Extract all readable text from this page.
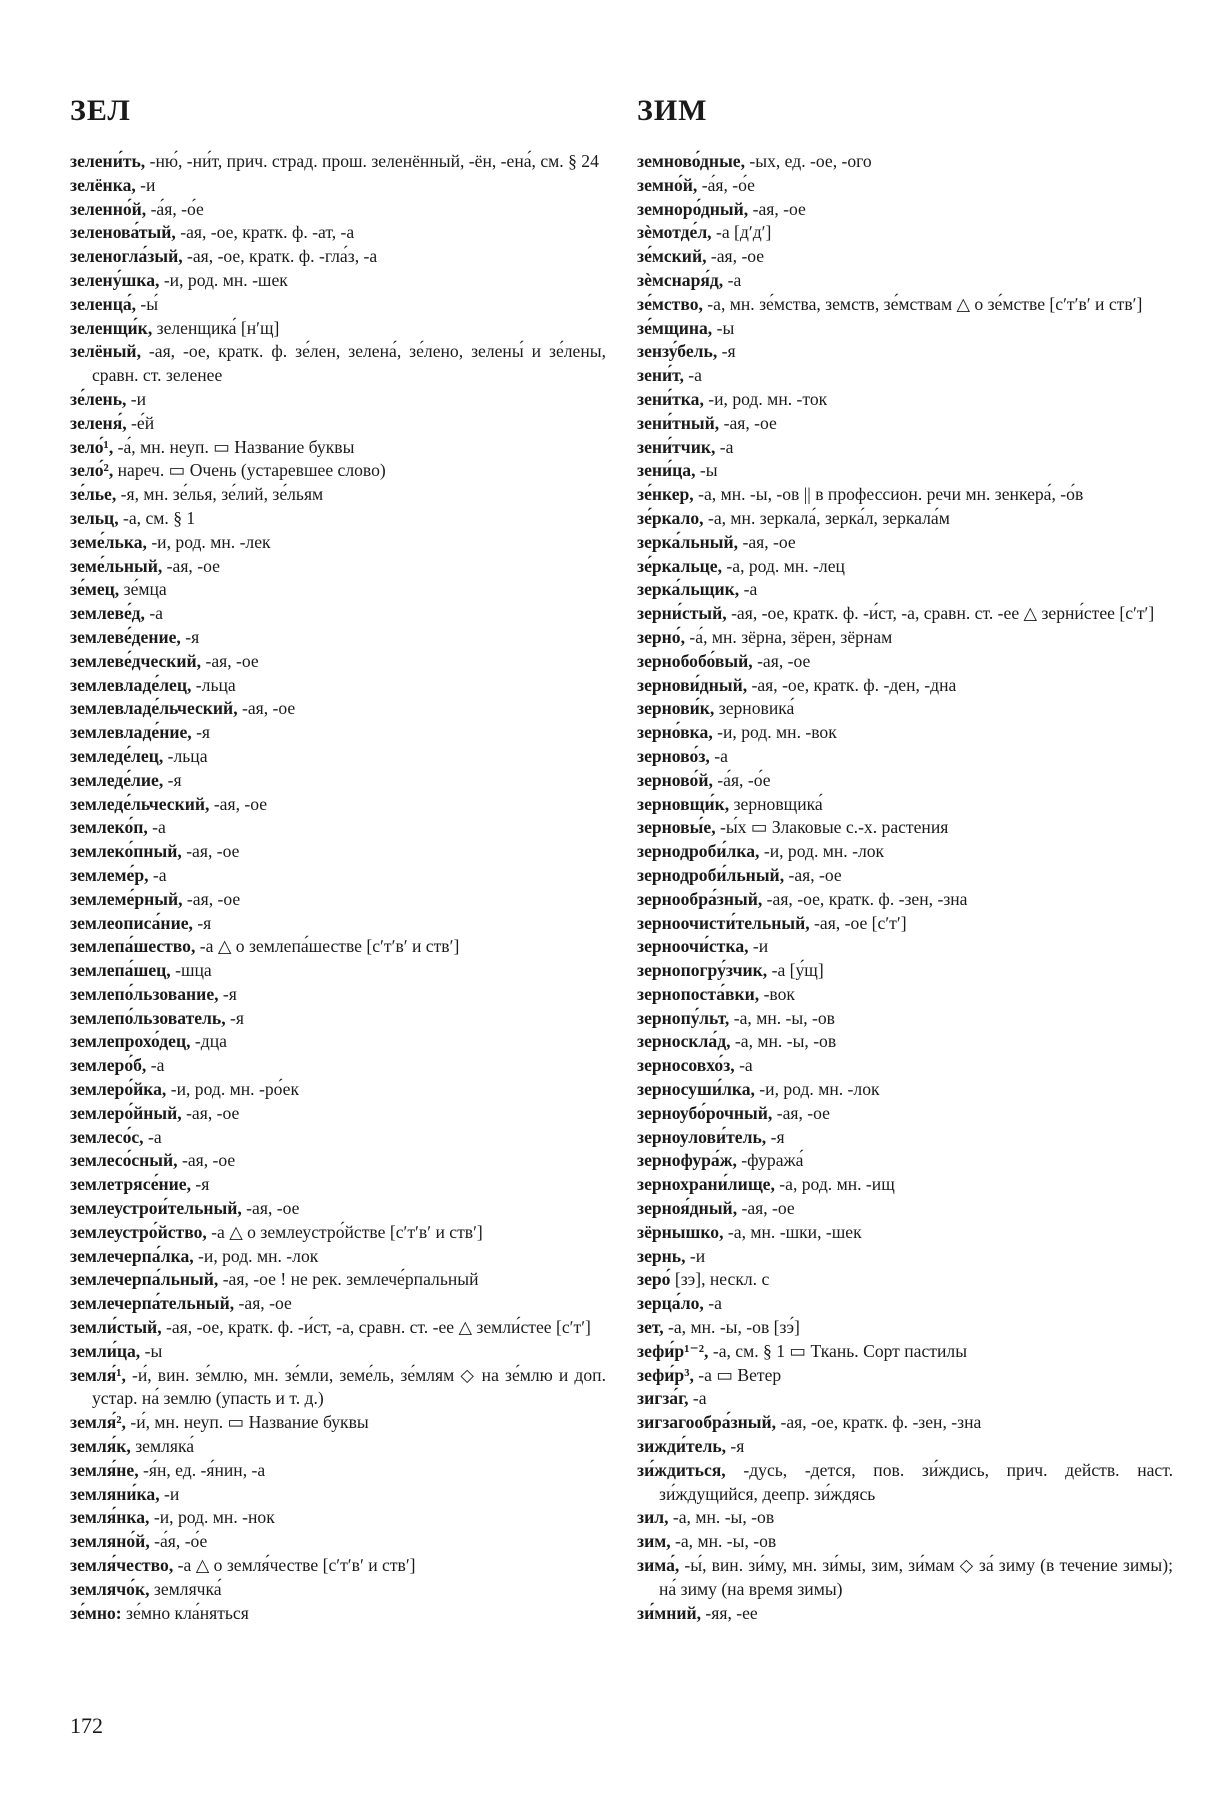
ЗЕЛ	ЗИМ

зелени́ть, -ню́, -ни́т, прич. страд. прош. зеленённый, -ён, -ена́, см. § 24

зелёнка, -и

зеленно́й, -а́я, -о́е

зеленова́тый, -ая, -ое, кратк. ф. -ат, -а

зеленогла́зый, -ая, -ое, кратк. ф. -гла́з, -а

зелену́шка, -и, род. мн. -шек

зеленца́, -ы́

зеленщи́к, зеленщика́ [нʹщ]

зелёный, -ая, -ое, кратк. ф. зе́лен, зелена́, зе́лено, зелены́ и зе́лены, сравн. ст. зеленее

зе́лень, -и

зеленя́, -е́й

зело́¹, -а́, мн. неуп. ▭ Название буквы

зело́², нареч. ▭ Очень (устаревшее слово)

зе́лье, -я, мн. зе́лья, зе́лий, зе́льям

зельц, -а, см. § 1

земе́лька, -и, род. мн. -лек

земе́льный, -ая, -ое

зе́мец, зе́мца

землеве́д, -а

землеве́дение, -я

землеве́дческий, -ая, -ое

землевладе́лец, -льца

землевладе́льческий, -ая, -ое

землевладе́ние, -я

земледе́лец, -льца

земледе́лие, -я

земледе́льческий, -ая, -ое

землеко́п, -а

землеко́пный, -ая, -ое

землеме́р, -а

землеме́рный, -ая, -ое

землеописа́ние, -я

землепа́шество, -а △ о землепа́шестве [сʹтʹвʹ и ствʹ]

землепа́шец, -шца

землепо́льзование, -я

землепо́льзователь, -я

землепрохо́дец, -дца

землеро́б, -а

землеро́йка, -и, род. мн. -ро́ек

землеро́йный, -ая, -ое

землесо́с, -а

землесо́сный, -ая, -ое

землетрясе́ние, -я

землеустрои́тельный, -ая, -ое

землеустро́йство, -а △ о землеустро́йстве [сʹтʹвʹ и ствʹ]

землечерпа́лка, -и, род. мн. -лок

землечерпа́льный, -ая, -ое ! не рек. землече́рпальный

землечерпа́тельный, -ая, -ое

земли́стый, -ая, -ое, кратк. ф. -и́ст, -а, сравн. ст. -ее △ земли́стее [сʹтʹ]

земли́ца, -ы

земля́¹, -и́, вин. зе́млю, мн. зе́мли, земе́ль, зе́млям ◇ на зе́млю и доп. устар. на́ землю (упасть и т. д.)

земля́², -и́, мн. неуп. ▭ Название буквы

земля́к, земляка́

земля́не, -я́н, ед. -я́нин, -а

земляни́ка, -и

земля́нка, -и, род. мн. -нок

земляно́й, -а́я, -о́е

земля́чество, -а △ о земля́честве [сʹтʹвʹ и ствʹ]

землячо́к, землячка́

зе́мно: зе́мно кла́няться

земново́дные, -ых, ед. -ое, -ого

земно́й, -а́я, -о́е

земноро́дный, -ая, -ое

зѐмотде́л, -а [дʹдʹ]

зе́мский, -ая, -ое

зѐмснаря́д, -а

зе́мство, -а, мн. зе́мства, земств, зе́мствам △ о зе́мстве [сʹтʹвʹ и ствʹ]

зе́мщина, -ы

зензу́бель, -я

зени́т, -а

зени́тка, -и, род. мн. -ток

зени́тный, -ая, -ое

зени́тчик, -а

зени́ца, -ы

зе́нкер, -а, мн. -ы, -ов || в профессион. речи мн. зенкера́, -о́в

зе́ркало, -а, мн. зеркала́, зерка́л, зеркала́м

зерка́льный, -ая, -ое

зе́ркальце, -а, род. мн. -лец

зерка́льщик, -а

зерни́стый, -ая, -ое, кратк. ф. -и́ст, -а, сравн. ст. -ее △ зерни́стее [сʹтʹ]

зерно́, -а́, мн. зёрна, зёрен, зёрнам

зернобобо́вый, -ая, -ое

зернови́дный, -ая, -ое, кратк. ф. -ден, -дна

зернови́к, зерновика́

зерно́вка, -и, род. мн. -вок

зерново́з, -а

зерново́й, -а́я, -о́е

зерновщи́к, зерновщика́

зерновы́е, -ы́х ▭ Злаковые с.-х. растения

зернодроби́лка, -и, род. мн. -лок

зернодроби́льный, -ая, -ое

зернообра́зный, -ая, -ое, кратк. ф. -зен, -зна

зерноочисти́тельный, -ая, -ое [сʹтʹ]

зерноочи́стка, -и

зернопогру́зчик, -а [у́щ]

зернопоста́вки, -вок

зернопу́льт, -а, мн. -ы, -ов

зерноскла́д, -а, мн. -ы, -ов

зерносовхо́з, -а

зерносуши́лка, -и, род. мн. -лок

зерноубо́рочный, -ая, -ое

зерноулови́тель, -я

зернофура́ж, -фуража́

зернохрани́лище, -а, род. мн. -ищ

зерноя́дный, -ая, -ое

зёрнышко, -а, мн. -шки, -шек

зернь, -и

зеро́ [зэ], нескл. с

зерца́ло, -а

зет, -а, мн. -ы, -ов [зэ́]

зефи́р¹⁻², -а, см. § 1 ▭ Ткань. Сорт пастилы

зефи́р³, -а ▭ Ветер

зигза́г, -а

зигзагообра́зный, -ая, -ое, кратк. ф. -зен, -зна

зижди́тель, -я

зи́ждиться, -дусь, -дется, пов. зи́ждись, прич. действ. наст. зи́ждущийся, деепр. зи́ждясь

зил, -а, мн. -ы, -ов

зим, -а, мн. -ы, -ов

зима́, -ы́, вин. зи́му, мн. зи́мы, зим, зи́мам ◇ за́ зиму (в течение зимы); на́ зиму (на время зимы)

зи́мний, -яя, -ее

172
